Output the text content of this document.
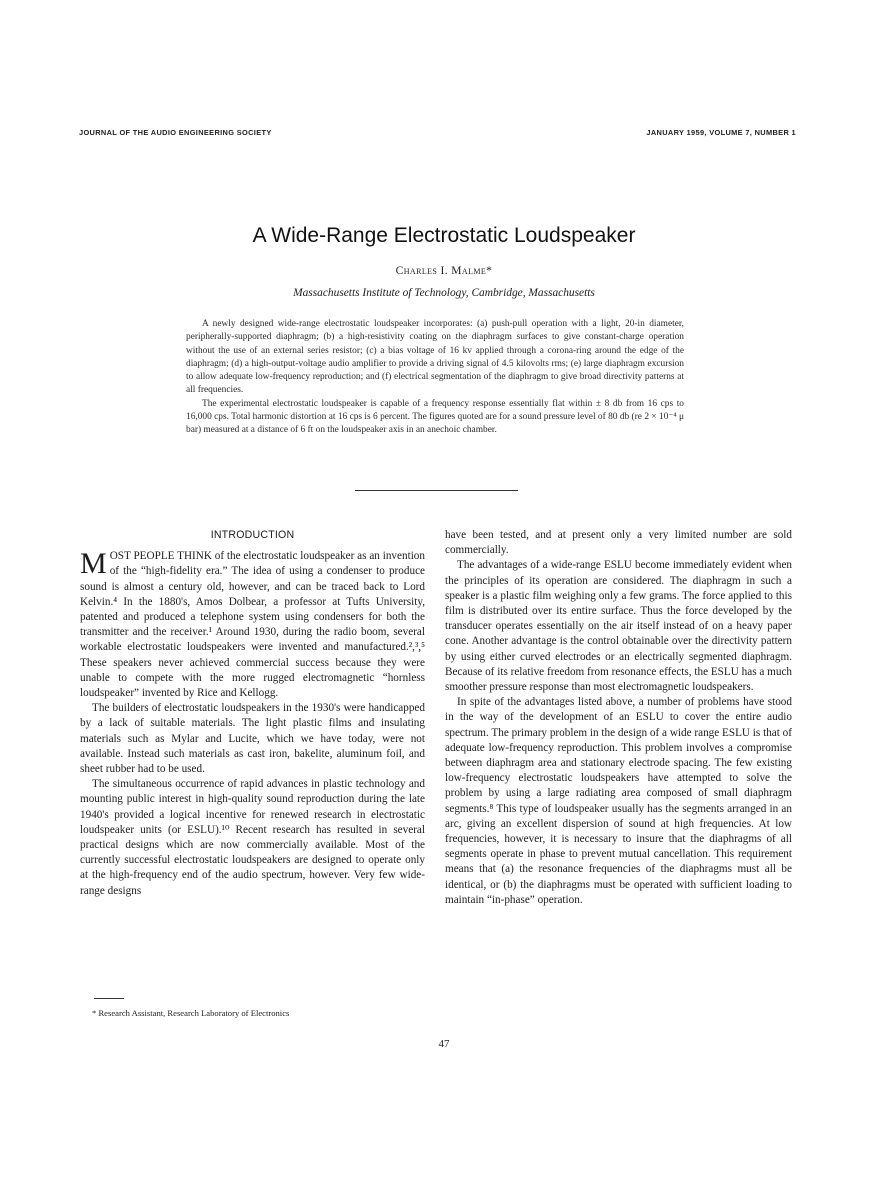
JOURNAL OF THE AUDIO ENGINEERING SOCIETY	JANUARY 1959, VOLUME 7, NUMBER 1
A Wide-Range Electrostatic Loudspeaker
Charles I. Malme*
Massachusetts Institute of Technology, Cambridge, Massachusetts

A newly designed wide-range electrostatic loudspeaker incorporates: (a) push-pull operation with a light, 20-in diameter, peripherally-supported diaphragm; (b) a high-resistivity coating on the diaphragm surfaces to give constant-charge operation without the use of an external series resistor; (c) a bias voltage of 16 kv applied through a corona-ring around the edge of the diaphragm; (d) a high-output-voltage audio amplifier to provide a driving signal of 4.5 kilovolts rms; (e) large diaphragm excursion to allow adequate low-frequency reproduction; and (f) electrical segmentation of the diaphragm to give broad directivity patterns at all frequencies.

The experimental electrostatic loudspeaker is capable of a frequency response essentially flat within ± 8 db from 16 cps to 16,000 cps. Total harmonic distortion at 16 cps is 6 percent. The figures quoted are for a sound pressure level of 80 db (re 2 × 10⁻⁴ μ bar) measured at a distance of 6 ft on the loudspeaker axis in an anechoic chamber.

INTRODUCTION

MOST PEOPLE THINK of the electrostatic loudspeaker as an invention of the “high-fidelity era.” The idea of using a condenser to produce sound is almost a century old, however, and can be traced back to Lord Kelvin.⁴ In the 1880's, Amos Dolbear, a professor at Tufts University, patented and produced a telephone system using condensers for both the transmitter and the receiver.¹ Around 1930, during the radio boom, several workable electrostatic loudspeakers were invented and manufactured.²,³,⁵ These speakers never achieved commercial success because they were unable to compete with the more rugged electromagnetic “hornless loudspeaker” invented by Rice and Kellogg.

The builders of electrostatic loudspeakers in the 1930's were handicapped by a lack of suitable materials. The light plastic films and insulating materials such as Mylar and Lucite, which we have today, were not available. Instead such materials as cast iron, bakelite, aluminum foil, and sheet rubber had to be used.

The simultaneous occurrence of rapid advances in plastic technology and mounting public interest in high-quality sound reproduction during the late 1940's provided a logical incentive for renewed research in electrostatic loudspeaker units (or ESLU).¹⁰ Recent research has resulted in several practical designs which are now commercially available. Most of the currently successful electrostatic loudspeakers are designed to operate only at the high-frequency end of the audio spectrum, however. Very few wide-range designs

have been tested, and at present only a very limited number are sold commercially.

The advantages of a wide-range ESLU become immediately evident when the principles of its operation are considered. The diaphragm in such a speaker is a plastic film weighing only a few grams. The force applied to this film is distributed over its entire surface. Thus the force developed by the transducer operates essentially on the air itself instead of on a heavy paper cone. Another advantage is the control obtainable over the directivity pattern by using either curved electrodes or an electrically segmented diaphragm. Because of its relative freedom from resonance effects, the ESLU has a much smoother pressure response than most electromagnetic loudspeakers.

In spite of the advantages listed above, a number of problems have stood in the way of the development of an ESLU to cover the entire audio spectrum. The primary problem in the design of a wide range ESLU is that of adequate low-frequency reproduction. This problem involves a compromise between diaphragm area and stationary electrode spacing. The few existing low-frequency electrostatic loudspeakers have attempted to solve the problem by using a large radiating area composed of small diaphragm segments.⁸ This type of loudspeaker usually has the segments arranged in an arc, giving an excellent dispersion of sound at high frequencies. At low frequencies, however, it is necessary to insure that the diaphragms of all segments operate in phase to prevent mutual cancellation. This requirement means that (a) the resonance frequencies of the diaphragms must all be identical, or (b) the diaphragms must be operated with sufficient loading to maintain “in-phase” operation.

* Research Assistant, Research Laboratory of Electronics
47
